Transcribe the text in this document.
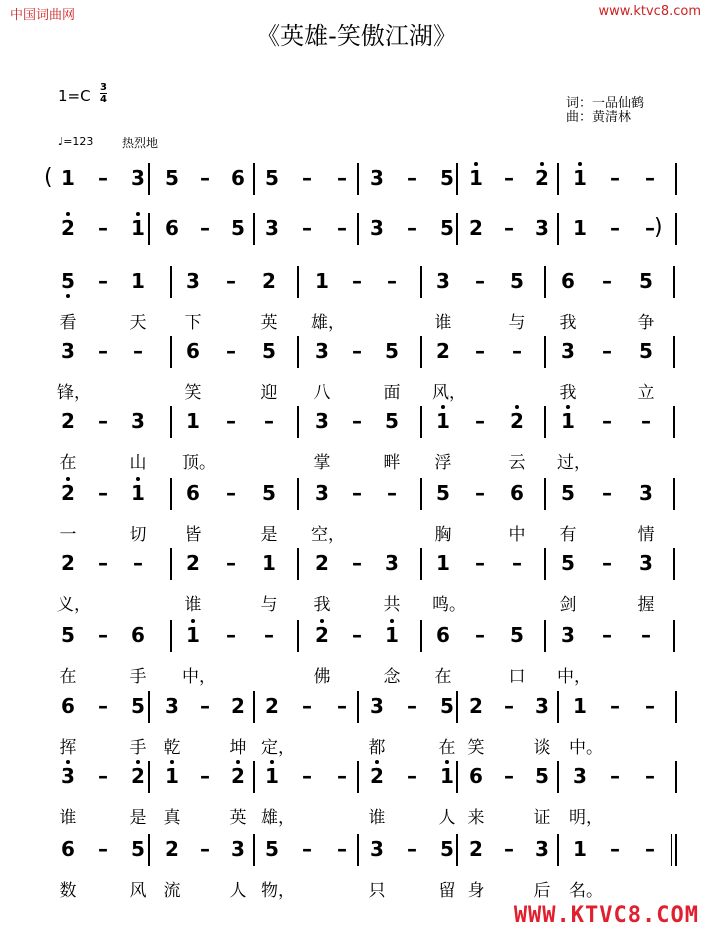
中国词曲网	www.ktvc8.com
《英雄-笑傲江湖》
1=C 3
4	词：一品仙鹤
曲：黄清林
♩=123 热烈地
1 – 3 5 – 6 5 – – 3 – 5 1 – 2 1 – –
(
2 – 1 6 – 5 3 – – 3 – 5 2 – 3 1 – – )
5 – 1 3 – 2 1 – – 3 – 5 6 – 5
看	天 下	英 雄，	谁	与 我	争
3 – – 6 – 5 3 – 5 2 – – 3 – 5
锋，	笑	迎 八	面 风，	我	立
2 – 3 1 – – 3 – 5 1 – 2 1 – –
在	山 顶。	掌	畔 浮	云 过，
2 – 1 6 – 5 3 – – 5 – 6 5 – 3
一	切 皆	是 空，	胸	中 有	情
2 – – 2 – 1 2 – 3 1 – – 5 – 3
义，	谁	与 我	共 鸣。	剑	握
5 – 6 1 – – 2 – 1 6 – 5 3 – –
在	手 中，	佛	念 在	口 中，
6 – 5 3 – 2 2 – – 3 – 5 2 – 3 1 – –
挥	手 乾	坤 定，	都	在 笑	谈 中。
3 – 2 1 – 2 1 – – 2 – 1 6 – 5 3 – –
谁	是 真	英 雄，	谁	人 来	证 明，
6 – 5 2 – 3 5 – – 3 – 5 2 – 3 1 – –
数	风 流	人 物，	只	留 身	后 名。
WWW.KTVC8.COM
